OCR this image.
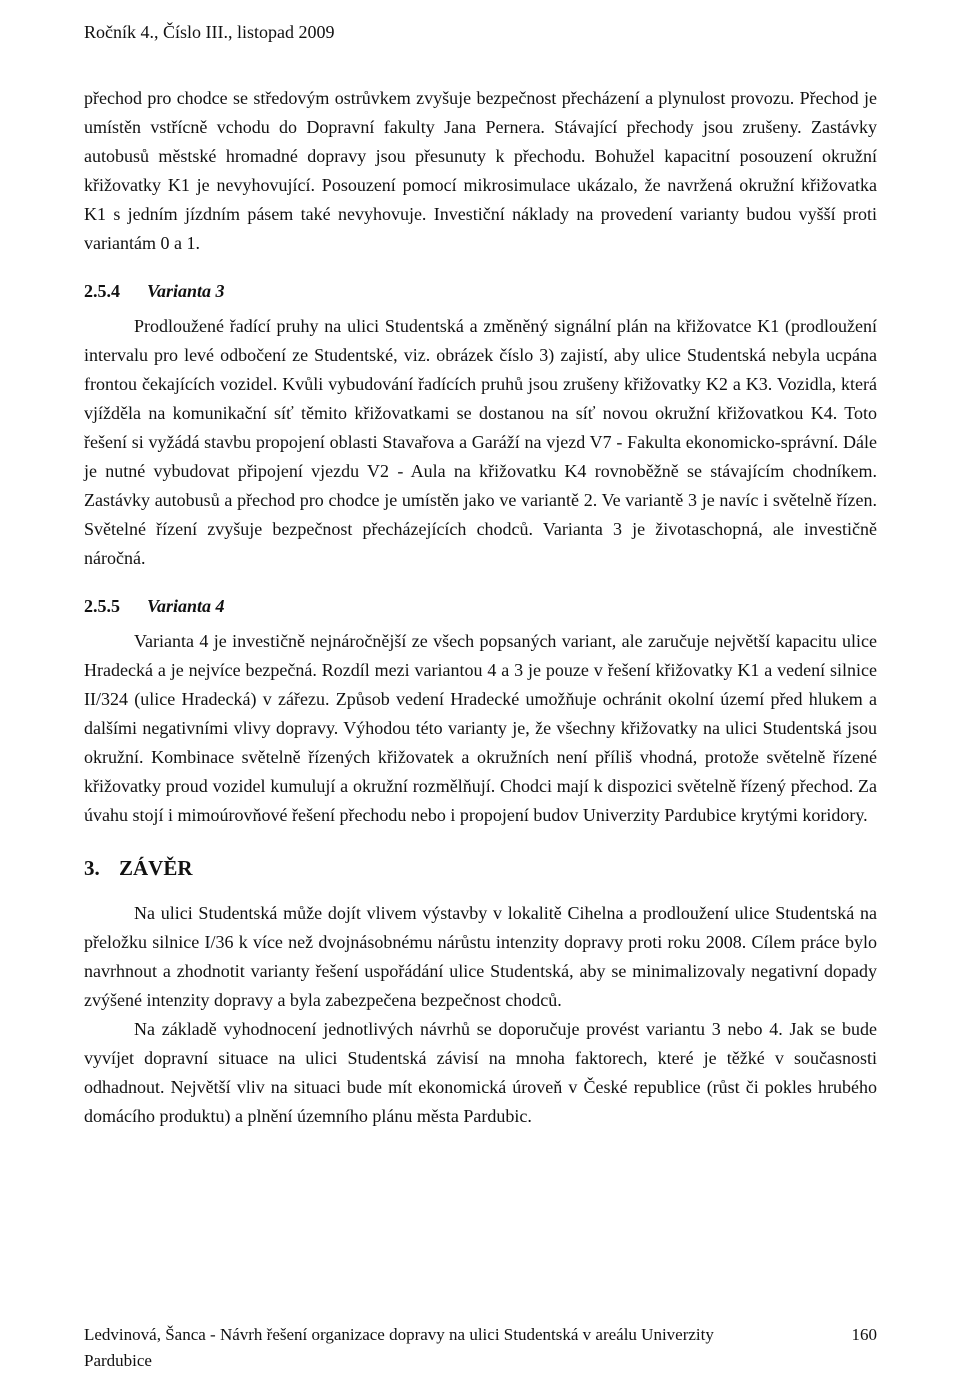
Ročník 4., Číslo III., listopad 2009

přechod pro chodce se středovým ostrůvkem zvyšuje bezpečnost přecházení a plynulost provozu. Přechod je umístěn vstřícně vchodu do Dopravní fakulty Jana Pernera. Stávající přechody jsou zrušeny. Zastávky autobusů městské hromadné dopravy jsou přesunuty k přechodu. Bohužel kapacitní posouzení okružní křižovatky K1 je nevyhovující. Posouzení pomocí mikrosimulace ukázalo, že navržená okružní křižovatka K1 s jedním jízdním pásem také nevyhovuje. Investiční náklady na provedení varianty budou vyšší proti variantám 0 a 1.

2.5.4 Varianta 3

Prodloužené řadící pruhy na ulici Studentská a změněný signální plán na křižovatce K1 (prodloužení intervalu pro levé odbočení ze Studentské, viz. obrázek číslo 3) zajistí, aby ulice Studentská nebyla ucpána frontou čekajících vozidel. Kvůli vybudování řadících pruhů jsou zrušeny křižovatky K2 a K3. Vozidla, která vjížděla na komunikační síť těmito křižovatkami se dostanou na síť novou okružní křižovatkou K4. Toto řešení si vyžádá stavbu propojení oblasti Stavařova a Garáží na vjezd V7 - Fakulta ekonomicko-správní. Dále je nutné vybudovat připojení vjezdu V2 - Aula na křižovatku K4 rovnoběžně se stávajícím chodníkem. Zastávky autobusů a přechod pro chodce je umístěn jako ve variantě 2. Ve variantě 3 je navíc i světelně řízen. Světelné řízení zvyšuje bezpečnost přecházejících chodců. Varianta 3 je životaschopná, ale investičně náročná.

2.5.5 Varianta 4

Varianta 4 je investičně nejnáročnější ze všech popsaných variant, ale zaručuje největší kapacitu ulice Hradecká a je nejvíce bezpečná. Rozdíl mezi variantou 4 a 3 je pouze v řešení křižovatky K1 a vedení silnice II/324 (ulice Hradecká) v zářezu. Způsob vedení Hradecké umožňuje ochránit okolní území před hlukem a dalšími negativními vlivy dopravy. Výhodou této varianty je, že všechny křižovatky na ulici Studentská jsou okružní. Kombinace světelně řízených křižovatek a okružních není příliš vhodná, protože světelně řízené křižovatky proud vozidel kumulují a okružní rozmělňují. Chodci mají k dispozici světelně řízený přechod. Za úvahu stojí i mimoúrovňové řešení přechodu nebo i propojení budov Univerzity Pardubice krytými koridory.

3. ZÁVĚR

Na ulici Studentská může dojít vlivem výstavby v lokalitě Cihelna a prodloužení ulice Studentská na přeložku silnice I/36 k více než dvojnásobnému nárůstu intenzity dopravy proti roku 2008. Cílem práce bylo navrhnout a zhodnotit varianty řešení uspořádání ulice Studentská, aby se minimalizovaly negativní dopady zvýšené intenzity dopravy a byla zabezpečena bezpečnost chodců.

Na základě vyhodnocení jednotlivých návrhů se doporučuje provést variantu 3 nebo 4. Jak se bude vyvíjet dopravní situace na ulici Studentská závisí na mnoha faktorech, které je těžké v současnosti odhadnout. Největší vliv na situaci bude mít ekonomická úroveň v České republice (růst či pokles hrubého domácího produktu) a plnění územního plánu města Pardubic.

Ledvinová, Šanca - Návrh řešení organizace dopravy na ulici Studentská v areálu Univerzity Pardubice
160
